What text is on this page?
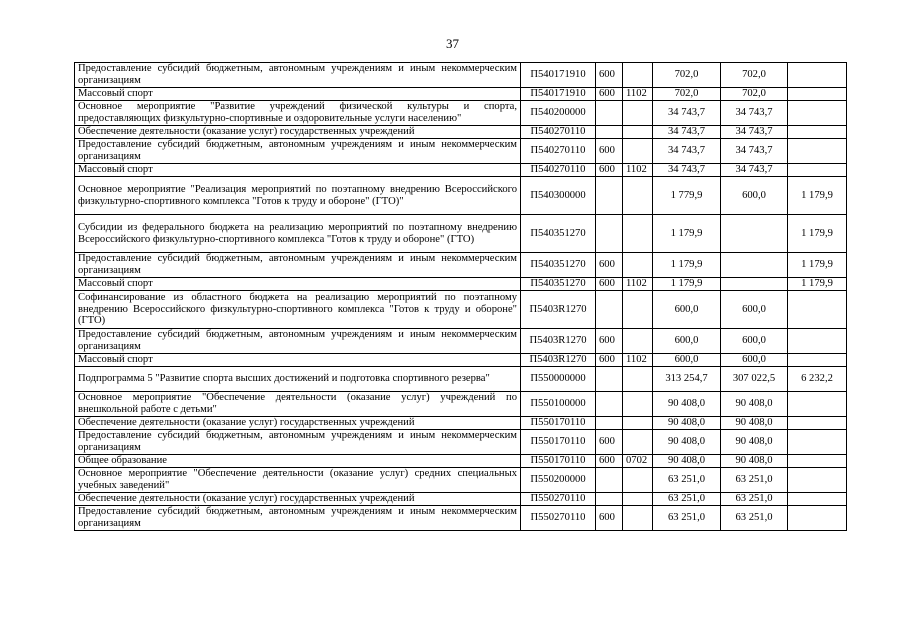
37
Предоставление субсидий бюджетным, автономным учреждениям и иным некоммерческим организациям	П540171910	600		702,0	702,0	
Массовый спорт	П540171910	600	1102	702,0	702,0	
Основное мероприятие "Развитие учреждений физической культуры и спорта, предоставляющих физкультурно-спортивные и оздоровительные услуги населению"	П540200000			34 743,7	34 743,7	
Обеспечение деятельности (оказание услуг) государственных учреждений	П540270110			34 743,7	34 743,7	
Предоставление субсидий бюджетным, автономным учреждениям и иным некоммерческим организациям	П540270110	600		34 743,7	34 743,7	
Массовый спорт	П540270110	600	1102	34 743,7	34 743,7	
Основное мероприятие "Реализация мероприятий по поэтапному внедрению Всероссийского физкультурно-спортивного комплекса "Готов к труду и обороне" (ГТО)"	П540300000			1 779,9	600,0	1 179,9
Субсидии из федерального бюджета на реализацию мероприятий по поэтапному внедрению Всероссийского физкультурно-спортивного комплекса "Готов к труду и обороне" (ГТО)	П540351270			1 179,9		1 179,9
Предоставление субсидий бюджетным, автономным учреждениям и иным некоммерческим организациям	П540351270	600		1 179,9		1 179,9
Массовый спорт	П540351270	600	1102	1 179,9		1 179,9
Софинансирование из областного бюджета на реализацию мероприятий по поэтапному внедрению Всероссийского физкультурно-спортивного комплекса "Готов к труду и обороне" (ГТО)	П5403R1270			600,0	600,0	
Предоставление субсидий бюджетным, автономным учреждениям и иным некоммерческим организациям	П5403R1270	600		600,0	600,0	
Массовый спорт	П5403R1270	600	1102	600,0	600,0	
Подпрограмма 5 "Развитие спорта высших достижений и подготовка спортивного резерва"	П550000000			313 254,7	307 022,5	6 232,2
Основное мероприятие "Обеспечение деятельности (оказание услуг) учреждений по внешкольной работе с детьми"	П550100000			90 408,0	90 408,0	
Обеспечение деятельности (оказание услуг) государственных учреждений	П550170110			90 408,0	90 408,0	
Предоставление субсидий бюджетным, автономным учреждениям и иным некоммерческим организациям	П550170110	600		90 408,0	90 408,0	
Общее образование	П550170110	600	0702	90 408,0	90 408,0	
Основное мероприятие "Обеспечение деятельности (оказание услуг) средних специальных учебных заведений"	П550200000			63 251,0	63 251,0	
Обеспечение деятельности (оказание услуг) государственных учреждений	П550270110			63 251,0	63 251,0	
Предоставление субсидий бюджетным, автономным учреждениям и иным некоммерческим организациям	П550270110	600		63 251,0	63 251,0	
